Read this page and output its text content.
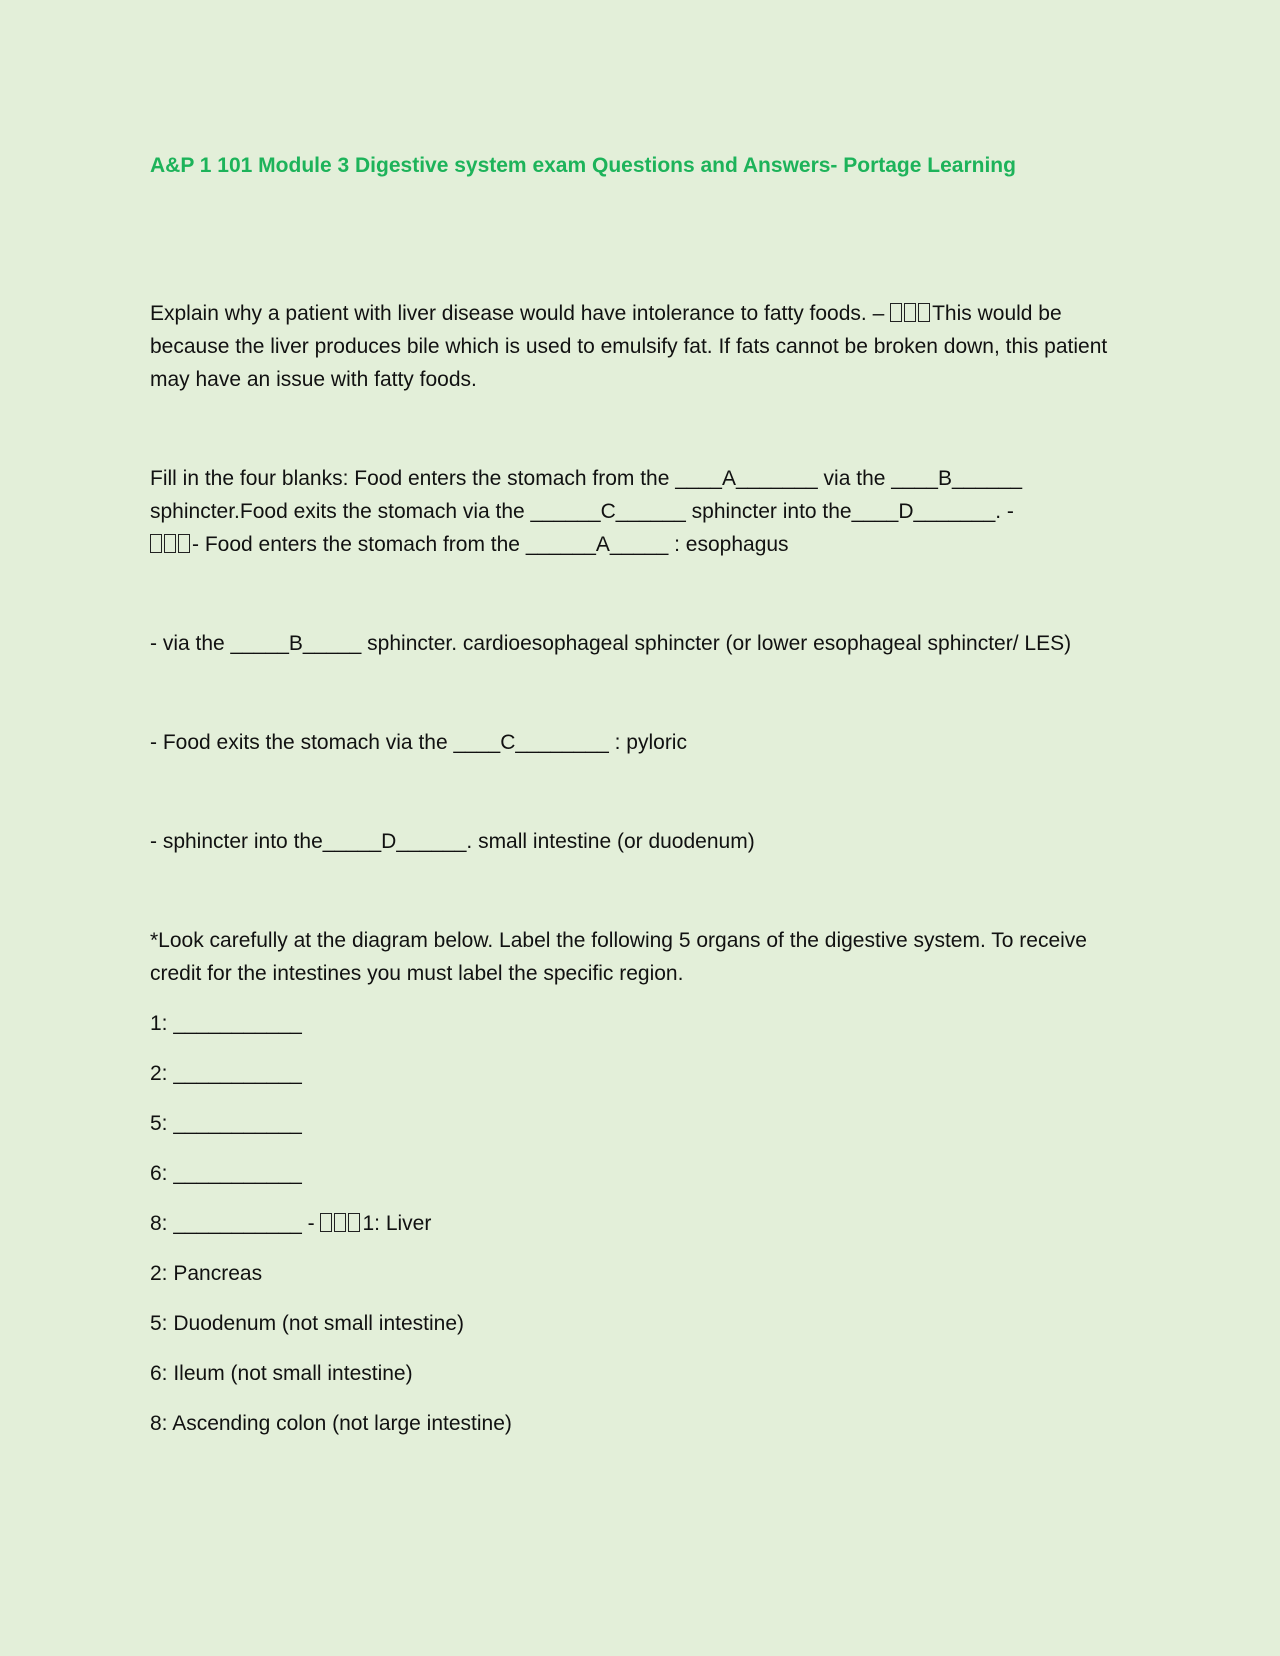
A&P 1 101 Module 3 Digestive system exam Questions and Answers- Portage Learning

Explain why a patient with liver disease would have intolerance to fatty foods. – This would be because the liver produces bile which is used to emulsify fat. If fats cannot be broken down, this patient may have an issue with fatty foods.

Fill in the four blanks: Food enters the stomach from the ____A_______ via the ____B______ sphincter.Food exits the stomach via the ______C______ sphincter into the____D_______. -
- Food enters the stomach from the ______A_____ : esophagus

- via the _____B_____ sphincter. cardioesophageal sphincter (or lower esophageal sphincter/ LES)

- Food exits the stomach via the ____C________ : pyloric

- sphincter into the_____D______. small intestine (or duodenum)

*Look carefully at the diagram below. Label the following 5 organs of the digestive system. To receive credit for the intestines you must label the specific region.

1: ___________

2: ___________

5: ___________

6: ___________

8: ___________ - 1: Liver

2: Pancreas

5: Duodenum (not small intestine)

6: Ileum (not small intestine)

8: Ascending colon (not large intestine)
